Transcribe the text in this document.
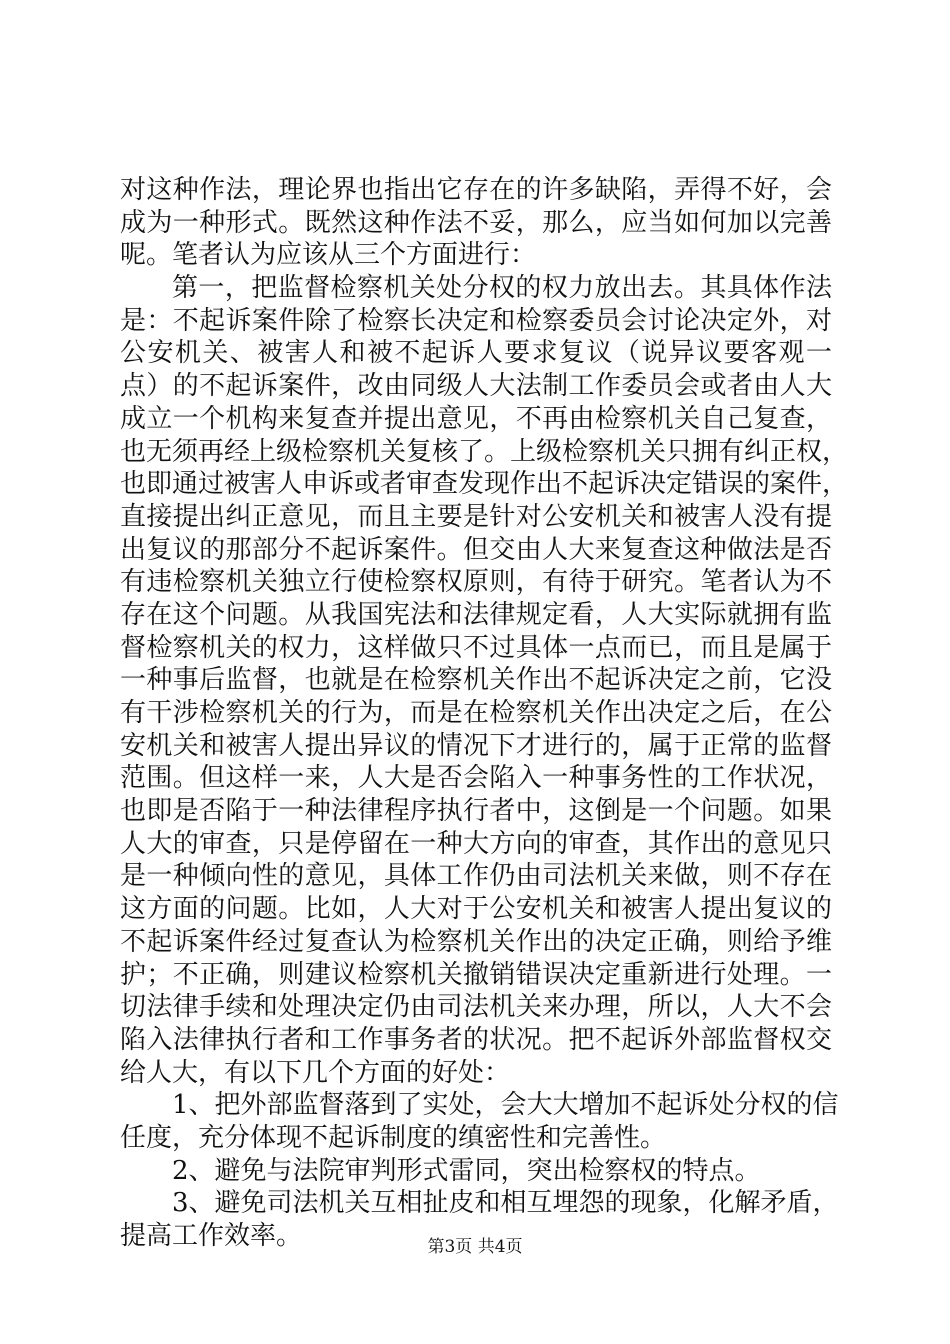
对这种作法，理论界也指出它存在的许多缺陷，弄得不好，会
成为一种形式。既然这种作法不妥，那么，应当如何加以完善
呢。笔者认为应该从三个方面进行：
第一，把监督检察机关处分权的权力放出去。其具体作法
是：不起诉案件除了检察长决定和检察委员会讨论决定外，对
公安机关、被害人和被不起诉人要求复议（说异议要客观一
点）的不起诉案件，改由同级人大法制工作委员会或者由人大
成立一个机构来复查并提出意见，不再由检察机关自己复查，
也无须再经上级检察机关复核了。上级检察机关只拥有纠正权，
也即通过被害人申诉或者审查发现作出不起诉决定错误的案件，
直接提出纠正意见，而且主要是针对公安机关和被害人没有提
出复议的那部分不起诉案件。但交由人大来复查这种做法是否
有违检察机关独立行使检察权原则，有待于研究。笔者认为不
存在这个问题。从我国宪法和法律规定看，人大实际就拥有监
督检察机关的权力，这样做只不过具体一点而已，而且是属于
一种事后监督，也就是在检察机关作出不起诉决定之前，它没
有干涉检察机关的行为，而是在检察机关作出决定之后，在公
安机关和被害人提出异议的情况下才进行的，属于正常的监督
范围。但这样一来，人大是否会陷入一种事务性的工作状况，
也即是否陷于一种法律程序执行者中，这倒是一个问题。如果
人大的审查，只是停留在一种大方向的审查，其作出的意见只
是一种倾向性的意见，具体工作仍由司法机关来做，则不存在
这方面的问题。比如，人大对于公安机关和被害人提出复议的
不起诉案件经过复查认为检察机关作出的决定正确，则给予维
护；不正确，则建议检察机关撤销错误决定重新进行处理。一
切法律手续和处理决定仍由司法机关来办理，所以，人大不会
陷入法律执行者和工作事务者的状况。把不起诉外部监督权交
给人大，有以下几个方面的好处：
1、把外部监督落到了实处，会大大增加不起诉处分权的信
任度，充分体现不起诉制度的缜密性和完善性。
2、避免与法院审判形式雷同，突出检察权的特点。
3、避免司法机关互相扯皮和相互埋怨的现象，化解矛盾，
提高工作效率。	第3页 共4页
